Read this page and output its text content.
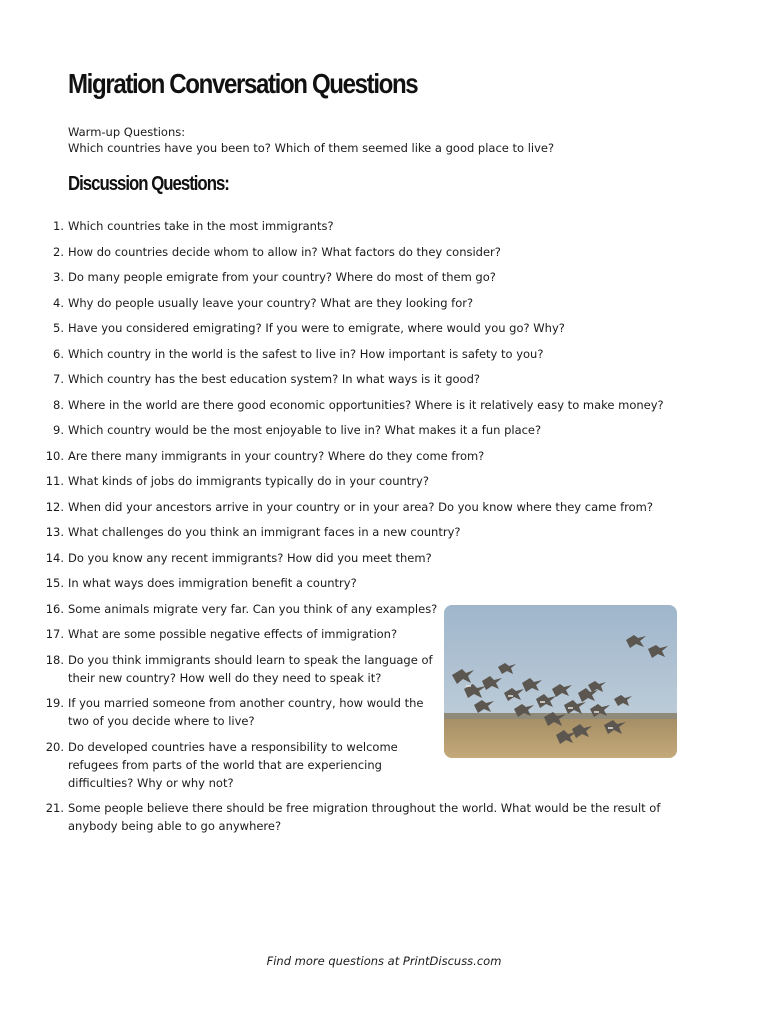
Migration Conversation Questions
Warm-up Questions:
Which countries have you been to? Which of them seemed like a good place to live?
Discussion Questions:
1. Which countries take in the most immigrants?
2. How do countries decide whom to allow in? What factors do they consider?
3. Do many people emigrate from your country? Where do most of them go?
4. Why do people usually leave your country? What are they looking for?
5. Have you considered emigrating? If you were to emigrate, where would you go? Why?
6. Which country in the world is the safest to live in? How important is safety to you?
7. Which country has the best education system? In what ways is it good?
8. Where in the world are there good economic opportunities? Where is it relatively easy to make money?
9. Which country would be the most enjoyable to live in? What makes it a fun place?
10. Are there many immigrants in your country? Where do they come from?
11. What kinds of jobs do immigrants typically do in your country?
12. When did your ancestors arrive in your country or in your area? Do you know where they came from?
13. What challenges do you think an immigrant faces in a new country?
14. Do you know any recent immigrants? How did you meet them?
15. In what ways does immigration benefit a country?
16. Some animals migrate very far. Can you think of any examples?
17. What are some possible negative effects of immigration?
18. Do you think immigrants should learn to speak the language of their new country? How well do they need to speak it?
19. If you married someone from another country, how would the two of you decide where to live?
20. Do developed countries have a responsibility to welcome refugees from parts of the world that are experiencing difficulties? Why or why not?
21. Some people believe there should be free migration throughout the world. What would be the result of anybody being able to go anywhere?
Find more questions at PrintDiscuss.com
